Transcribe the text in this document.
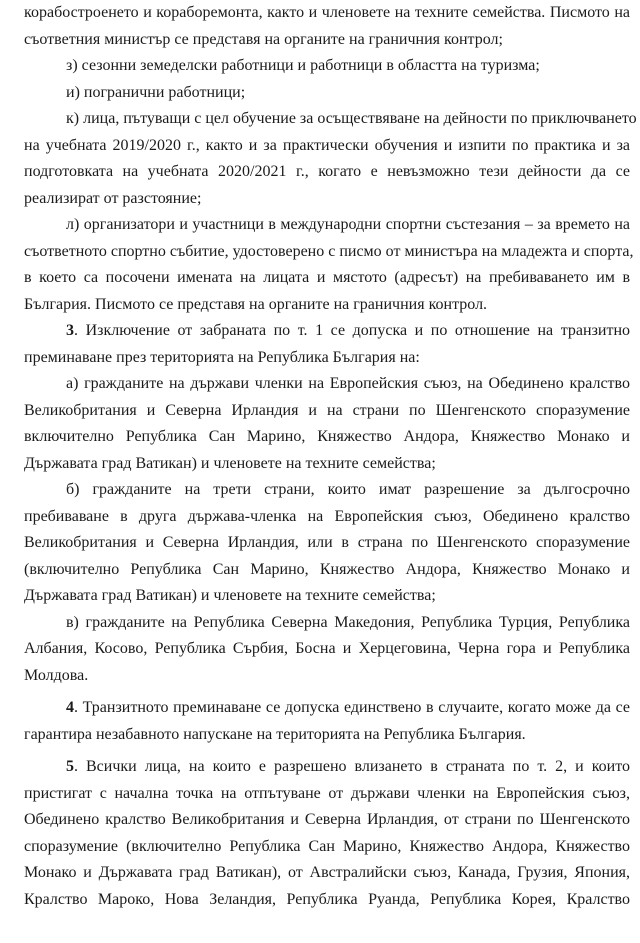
корабостроенето и кораборемонта, както и членовете на техните семейства. Писмото на
съответния министър се представя на органите на граничния контрол;
з) сезонни земеделски работници и работници в областта на туризма;
и) погранични работници;
к) лица, пътуващи с цел обучение за осъществяване на дейности по приключването
на учебната 2019/2020 г., както и за практически обучения и изпити по практика и за
подготовката на учебната 2020/2021 г., когато е невъзможно тези дейности да се
реализират от разстояние;
л) организатори и участници в международни спортни състезания – за времето на
съответното спортно събитие, удостоверено с писмо от министъра на младежта и спорта,
в което са посочени имената на лицата и мястото (адресът) на пребиваването им в
България. Писмото се представя на органите на граничния контрол.
3. Изключение от забраната по т. 1 се допуска и по отношение на транзитно
преминаване през територията на Република България на:
а) гражданите на държави членки на Европейския съюз, на Обединено кралство
Великобритания и Северна Ирландия и на страни по Шенгенското споразумение
включително Република Сан Марино, Княжество Андора, Княжество Монако и
Държавата град Ватикан) и членовете на техните семейства;
б) гражданите на трети страни, които имат разрешение за дългосрочно
пребиваване в друга държава-членка на Европейския съюз, Обединено кралство
Великобритания и Северна Ирландия, или в страна по Шенгенското споразумение
(включително Република Сан Марино, Княжество Андора, Княжество Монако и
Държавата град Ватикан) и членовете на техните семейства;
в) гражданите на Република Северна Македония, Република Турция, Република
Албания, Косово, Република Сърбия, Босна и Херцеговина, Черна гора и Република
Молдова.
4. Транзитното преминаване се допуска единствено в случаите, когато може да се
гарантира незабавното напускане на територията на Република България.
5. Всички лица, на които е разрешено влизането в страната по т. 2, и които
пристигат с начална точка на отпътуване от държави членки на Европейския съюз,
Обединено кралство Великобритания и Северна Ирландия, от страни по Шенгенското
споразумение (включително Република Сан Марино, Княжество Андора, Княжество
Монако и Държавата град Ватикан), от Австралийски съюз, Канада, Грузия, Япония,
Кралство Мароко, Нова Зеландия, Република Руанда, Република Корея, Кралство
